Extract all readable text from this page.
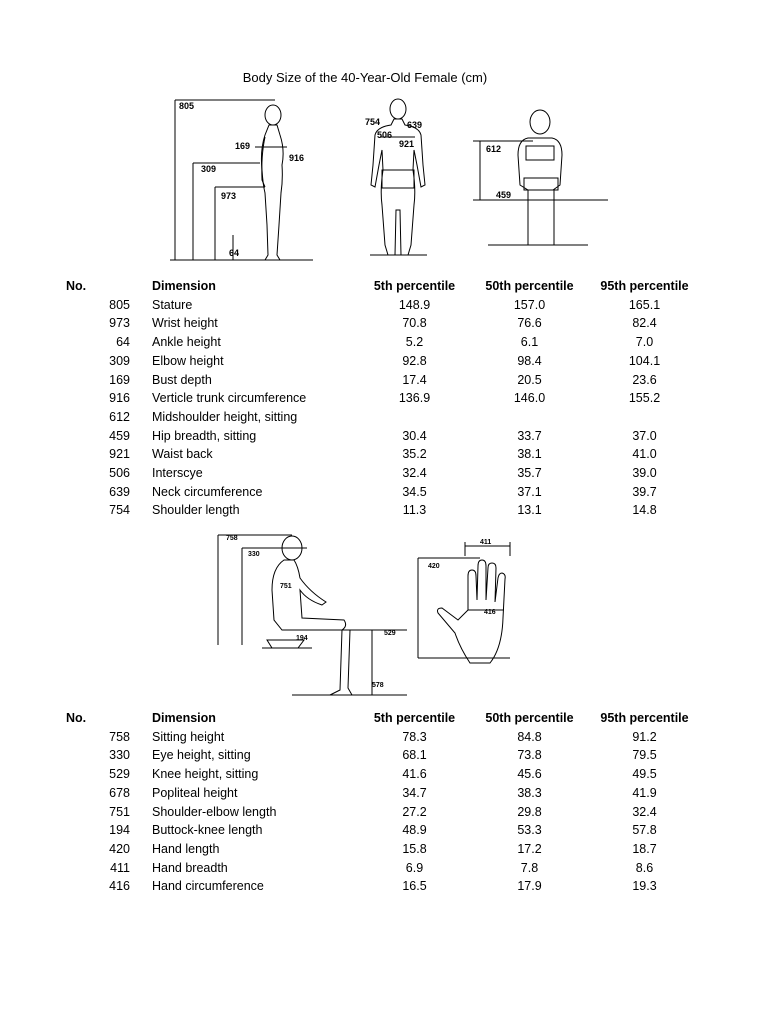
Body Size of the 40-Year-Old Female (cm)
805
169
916
309
973
64
754	639
506
921	612
459
No.	Dimension	5th percentile	50th percentile	95th percentile
805	Stature	148.9	157.0	165.1
973	Wrist height	70.8	76.6	82.4
64	Ankle height	5.2	6.1	7.0
309	Elbow height	92.8	98.4	104.1
169	Bust depth	17.4	20.5	23.6
916	Verticle trunk circumference	136.9	146.0	155.2
612	Midshoulder height, sitting			
459	Hip breadth, sitting	30.4	33.7	37.0
921	Waist back	35.2	38.1	41.0
506	Interscye	32.4	35.7	39.0
639	Neck circumference	34.5	37.1	39.7
754	Shoulder length	11.3	13.1	14.8
758
330
751
194
529
578
411
420
416
No.	Dimension	5th percentile	50th percentile	95th percentile
758	Sitting height	78.3	84.8	91.2
330	Eye height, sitting	68.1	73.8	79.5
529	Knee height, sitting	41.6	45.6	49.5
678	Popliteal height	34.7	38.3	41.9
751	Shoulder-elbow length	27.2	29.8	32.4
194	Buttock-knee length	48.9	53.3	57.8
420	Hand length	15.8	17.2	18.7
411	Hand breadth	6.9	7.8	8.6
416	Hand circumference	16.5	17.9	19.3
